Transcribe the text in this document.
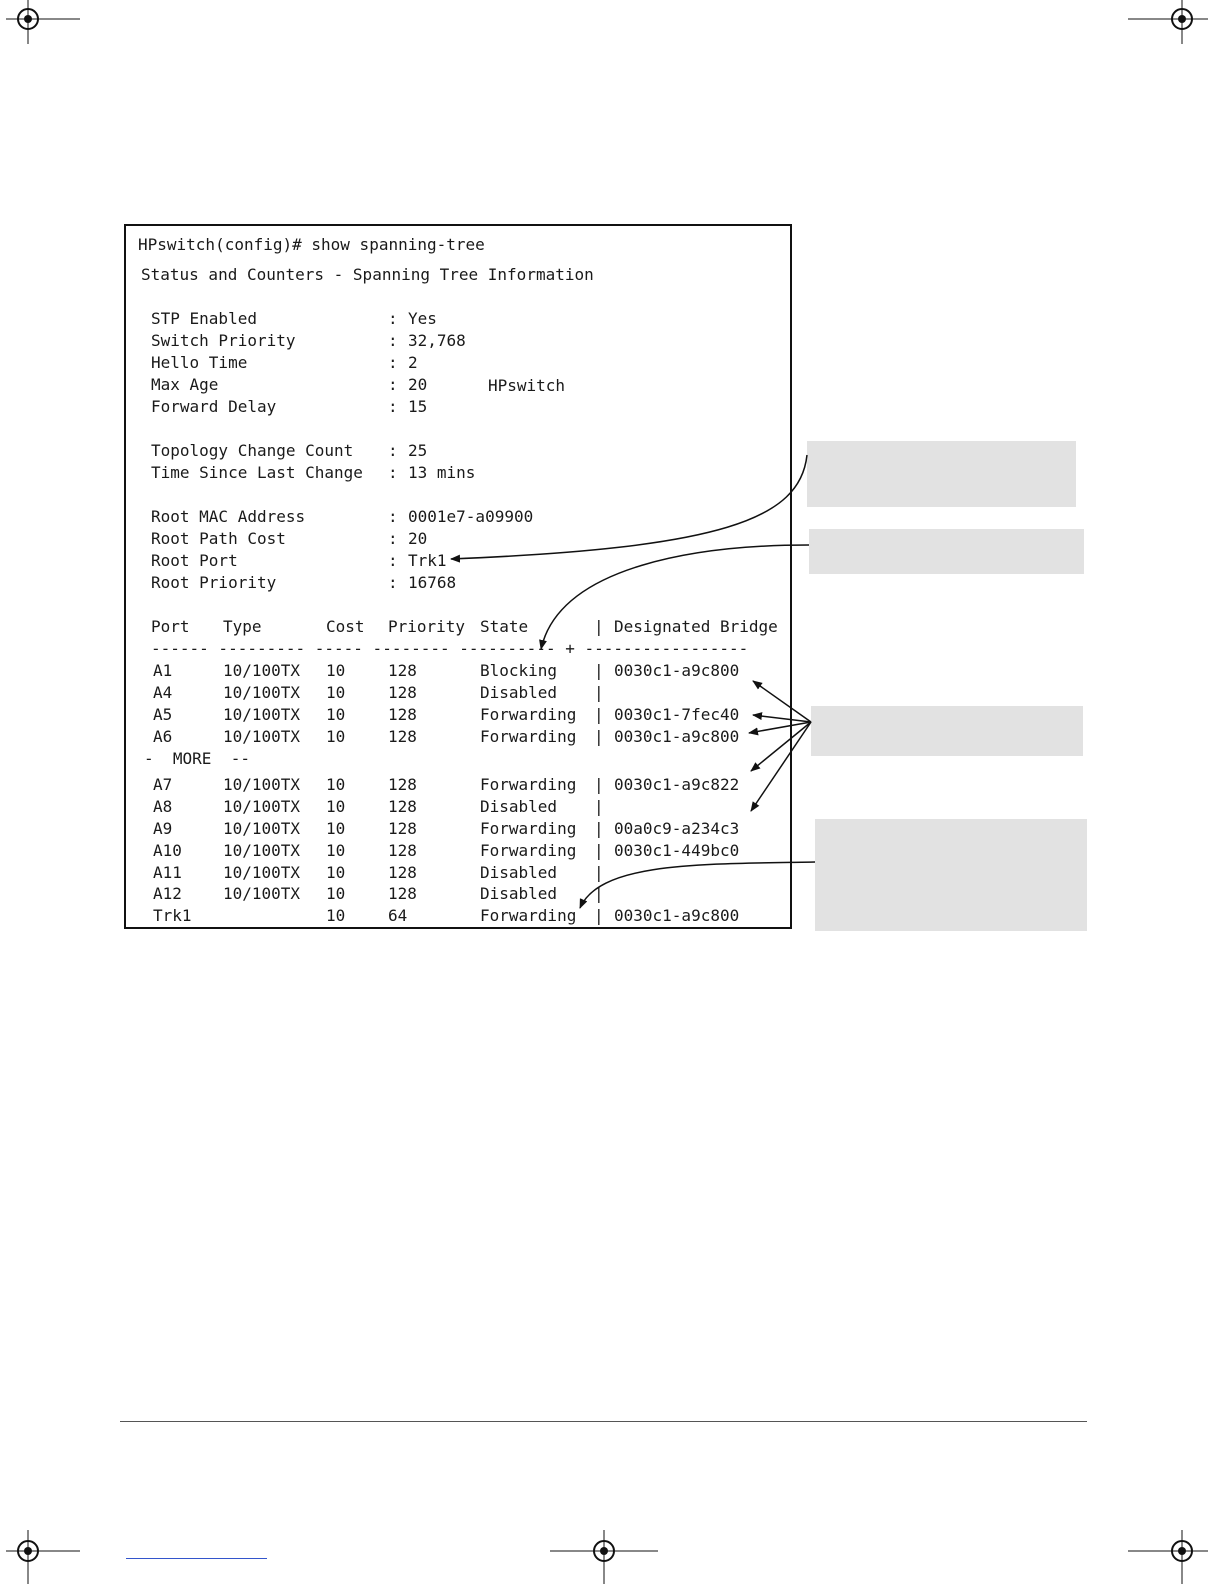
HPswitch(config)# show spanning-tree
Status and Counters - Spanning Tree Information
STP Enabled	: Yes
Switch Priority	: 32,768
Hello Time	: 2
Max Age	: 20	HPswitch
Forward Delay	: 15
Topology Change Count : 25
Time Since Last Change : 13 mins
Root MAC Address	: 0001e7-a09900
Root Path Cost	: 20
Root Port	: Trk1
Root Priority	: 16768
Port Type	Cost Priority State	| Designated Bridge
------ --------- ----- -------- ---------- + -----------------
A1	10/100TX 10	128	Blocking | 0030c1-a9c800
A4	10/100TX 10	128	Disabled |
A5	10/100TX 10	128	Forwarding | 0030c1-7fec40
A6	10/100TX 10	128	Forwarding | 0030c1-a9c800
A7	10/100TX 10	128	Forwarding | 0030c1-a9c822
A8	10/100TX 10	128	Disabled |
A9	10/100TX 10	128	Forwarding | 00a0c9-a234c3
A10	10/100TX 10	128	Forwarding | 0030c1-449bc0
A11	10/100TX 10	128	Disabled |
A12	10/100TX 10	128	Disabled |
Trk1	10	64	Forwarding | 0030c1-a9c800
-  MORE  --
